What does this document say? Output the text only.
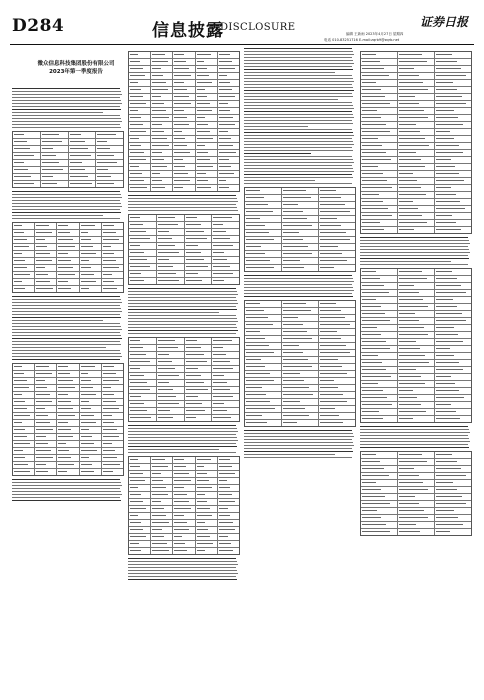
D284	信息披露
DISCLOSURE
编辑 王新雨 2023年4月27日 星期四
电话 010-83251716 E-mail:zqrb9@zqrb.net
证券日报
微众信息科技集团股份有限公司
2023年第一季度报告
